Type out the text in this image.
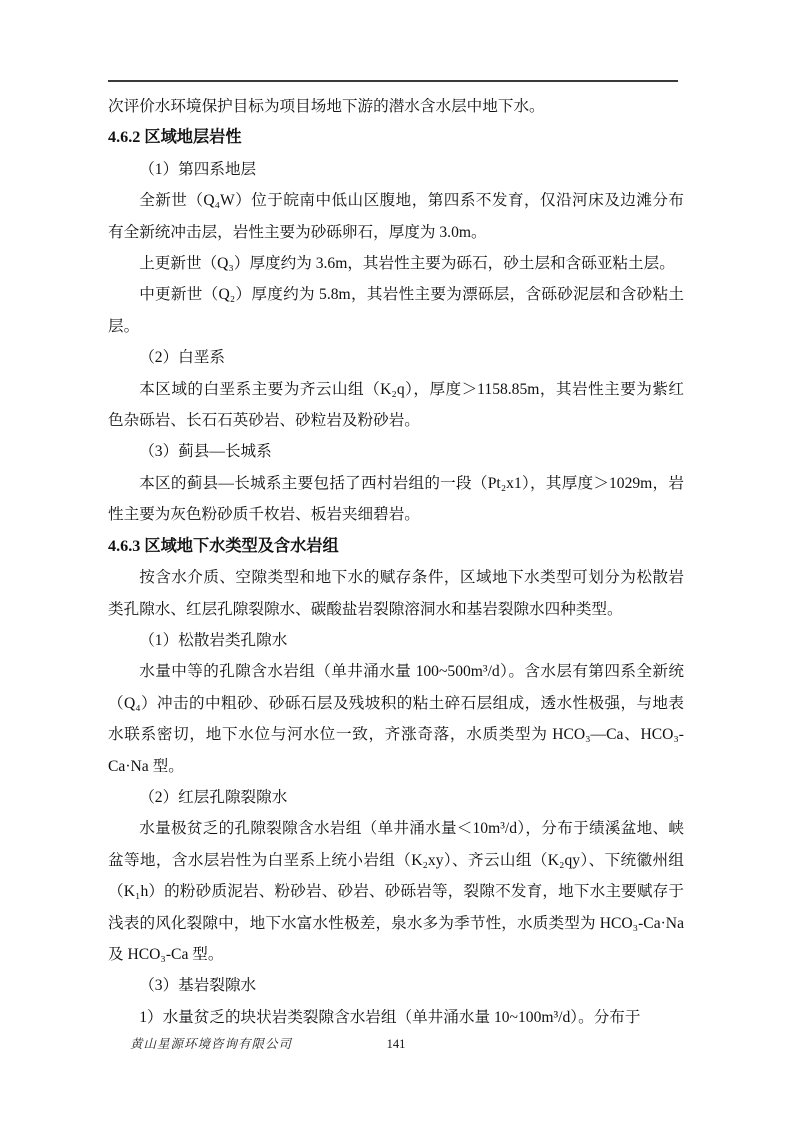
次评价水环境保护目标为项目场地下游的潜水含水层中地下水。

4.6.2 区域地层岩性

（1）第四系地层

全新世（Q₄W）位于皖南中低山区腹地，第四系不发育，仅沿河床及边滩分布有全新统冲击层，岩性主要为砂砾卵石，厚度为 3.0m。

上更新世（Q₃）厚度约为 3.6m，其岩性主要为砾石，砂土层和含砾亚粘土层。

中更新世（Q₂）厚度约为 5.8m，其岩性主要为漂砾层，含砾砂泥层和含砂粘土层。

（2）白垩系

本区域的白垩系主要为齐云山组（K₂q），厚度＞1158.85m，其岩性主要为紫红色杂砾岩、长石石英砂岩、砂粒岩及粉砂岩。

（3）蓟县—长城系

本区的蓟县—长城系主要包括了西村岩组的一段（Pt₂x1），其厚度＞1029m，岩性主要为灰色粉砂质千枚岩、板岩夹细碧岩。

4.6.3 区域地下水类型及含水岩组

按含水介质、空隙类型和地下水的赋存条件，区域地下水类型可划分为松散岩类孔隙水、红层孔隙裂隙水、碳酸盐岩裂隙溶洞水和基岩裂隙水四种类型。

（1）松散岩类孔隙水

水量中等的孔隙含水岩组（单井涌水量 100~500m³/d）。含水层有第四系全新统（Q₄）冲击的中粗砂、砂砾石层及残坡积的粘土碎石层组成，透水性极强，与地表水联系密切，地下水位与河水位一致，齐涨奇落，水质类型为 HCO₃—Ca、HCO₃-Ca·Na 型。

（2）红层孔隙裂隙水

水量极贫乏的孔隙裂隙含水岩组（单井涌水量＜10m³/d），分布于绩溪盆地、峡盆等地，含水层岩性为白垩系上统小岩组（K₂xy）、齐云山组（K₂qy）、下统徽州组（K₁h）的粉砂质泥岩、粉砂岩、砂岩、砂砾岩等，裂隙不发育，地下水主要赋存于浅表的风化裂隙中，地下水富水性极差，泉水多为季节性，水质类型为 HCO₃-Ca·Na 及 HCO₃-Ca 型。

（3）基岩裂隙水

1）水量贫乏的块状岩类裂隙含水岩组（单井涌水量 10~100m³/d）。分布于

黄山星源环境咨询有限公司	141
